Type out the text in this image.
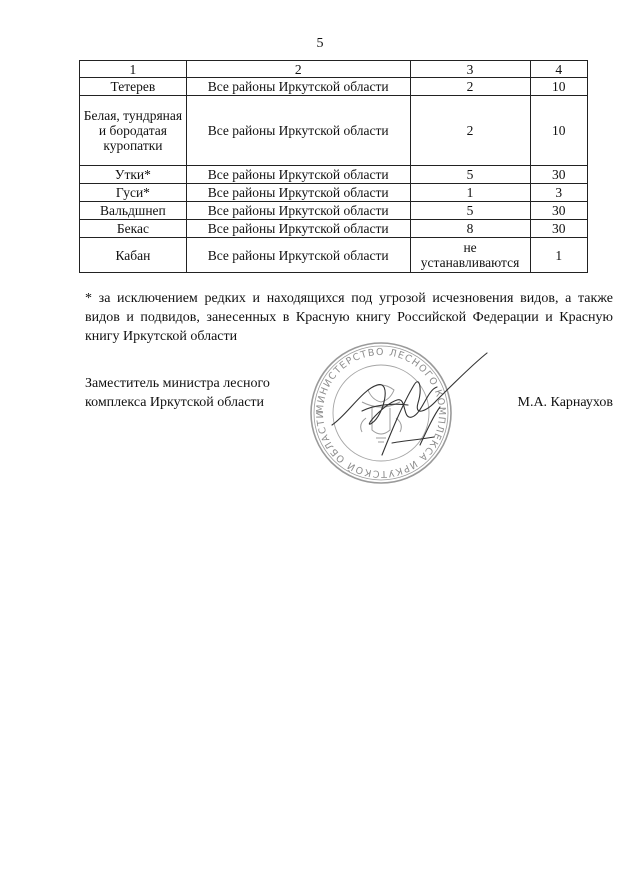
5
1	2	3	4
Тетерев	Все районы Иркутской области	2	10
Белая, тундряная и бородатая куропатки	Все районы Иркутской области	2	10
Утки*	Все районы Иркутской области	5	30
Гуси*	Все районы Иркутской области	1	3
Вальдшнеп	Все районы Иркутской области	5	30
Бекас	Все районы Иркутской области	8	30
Кабан	Все районы Иркутской области	не устанавливаются	1
* за исключением редких и находящихся под угрозой исчезновения видов, а также видов и подвидов, занесенных в Красную книгу Российской Федерации и Красную книгу Иркутской области
Заместитель министра лесного
комплекса Иркутской области	М.А. Карнаухов
МИНИСТЕРСТВО ЛЕСНОГО КОМПЛЕКСА ИРКУТСКОЙ ОБЛАСТИ
